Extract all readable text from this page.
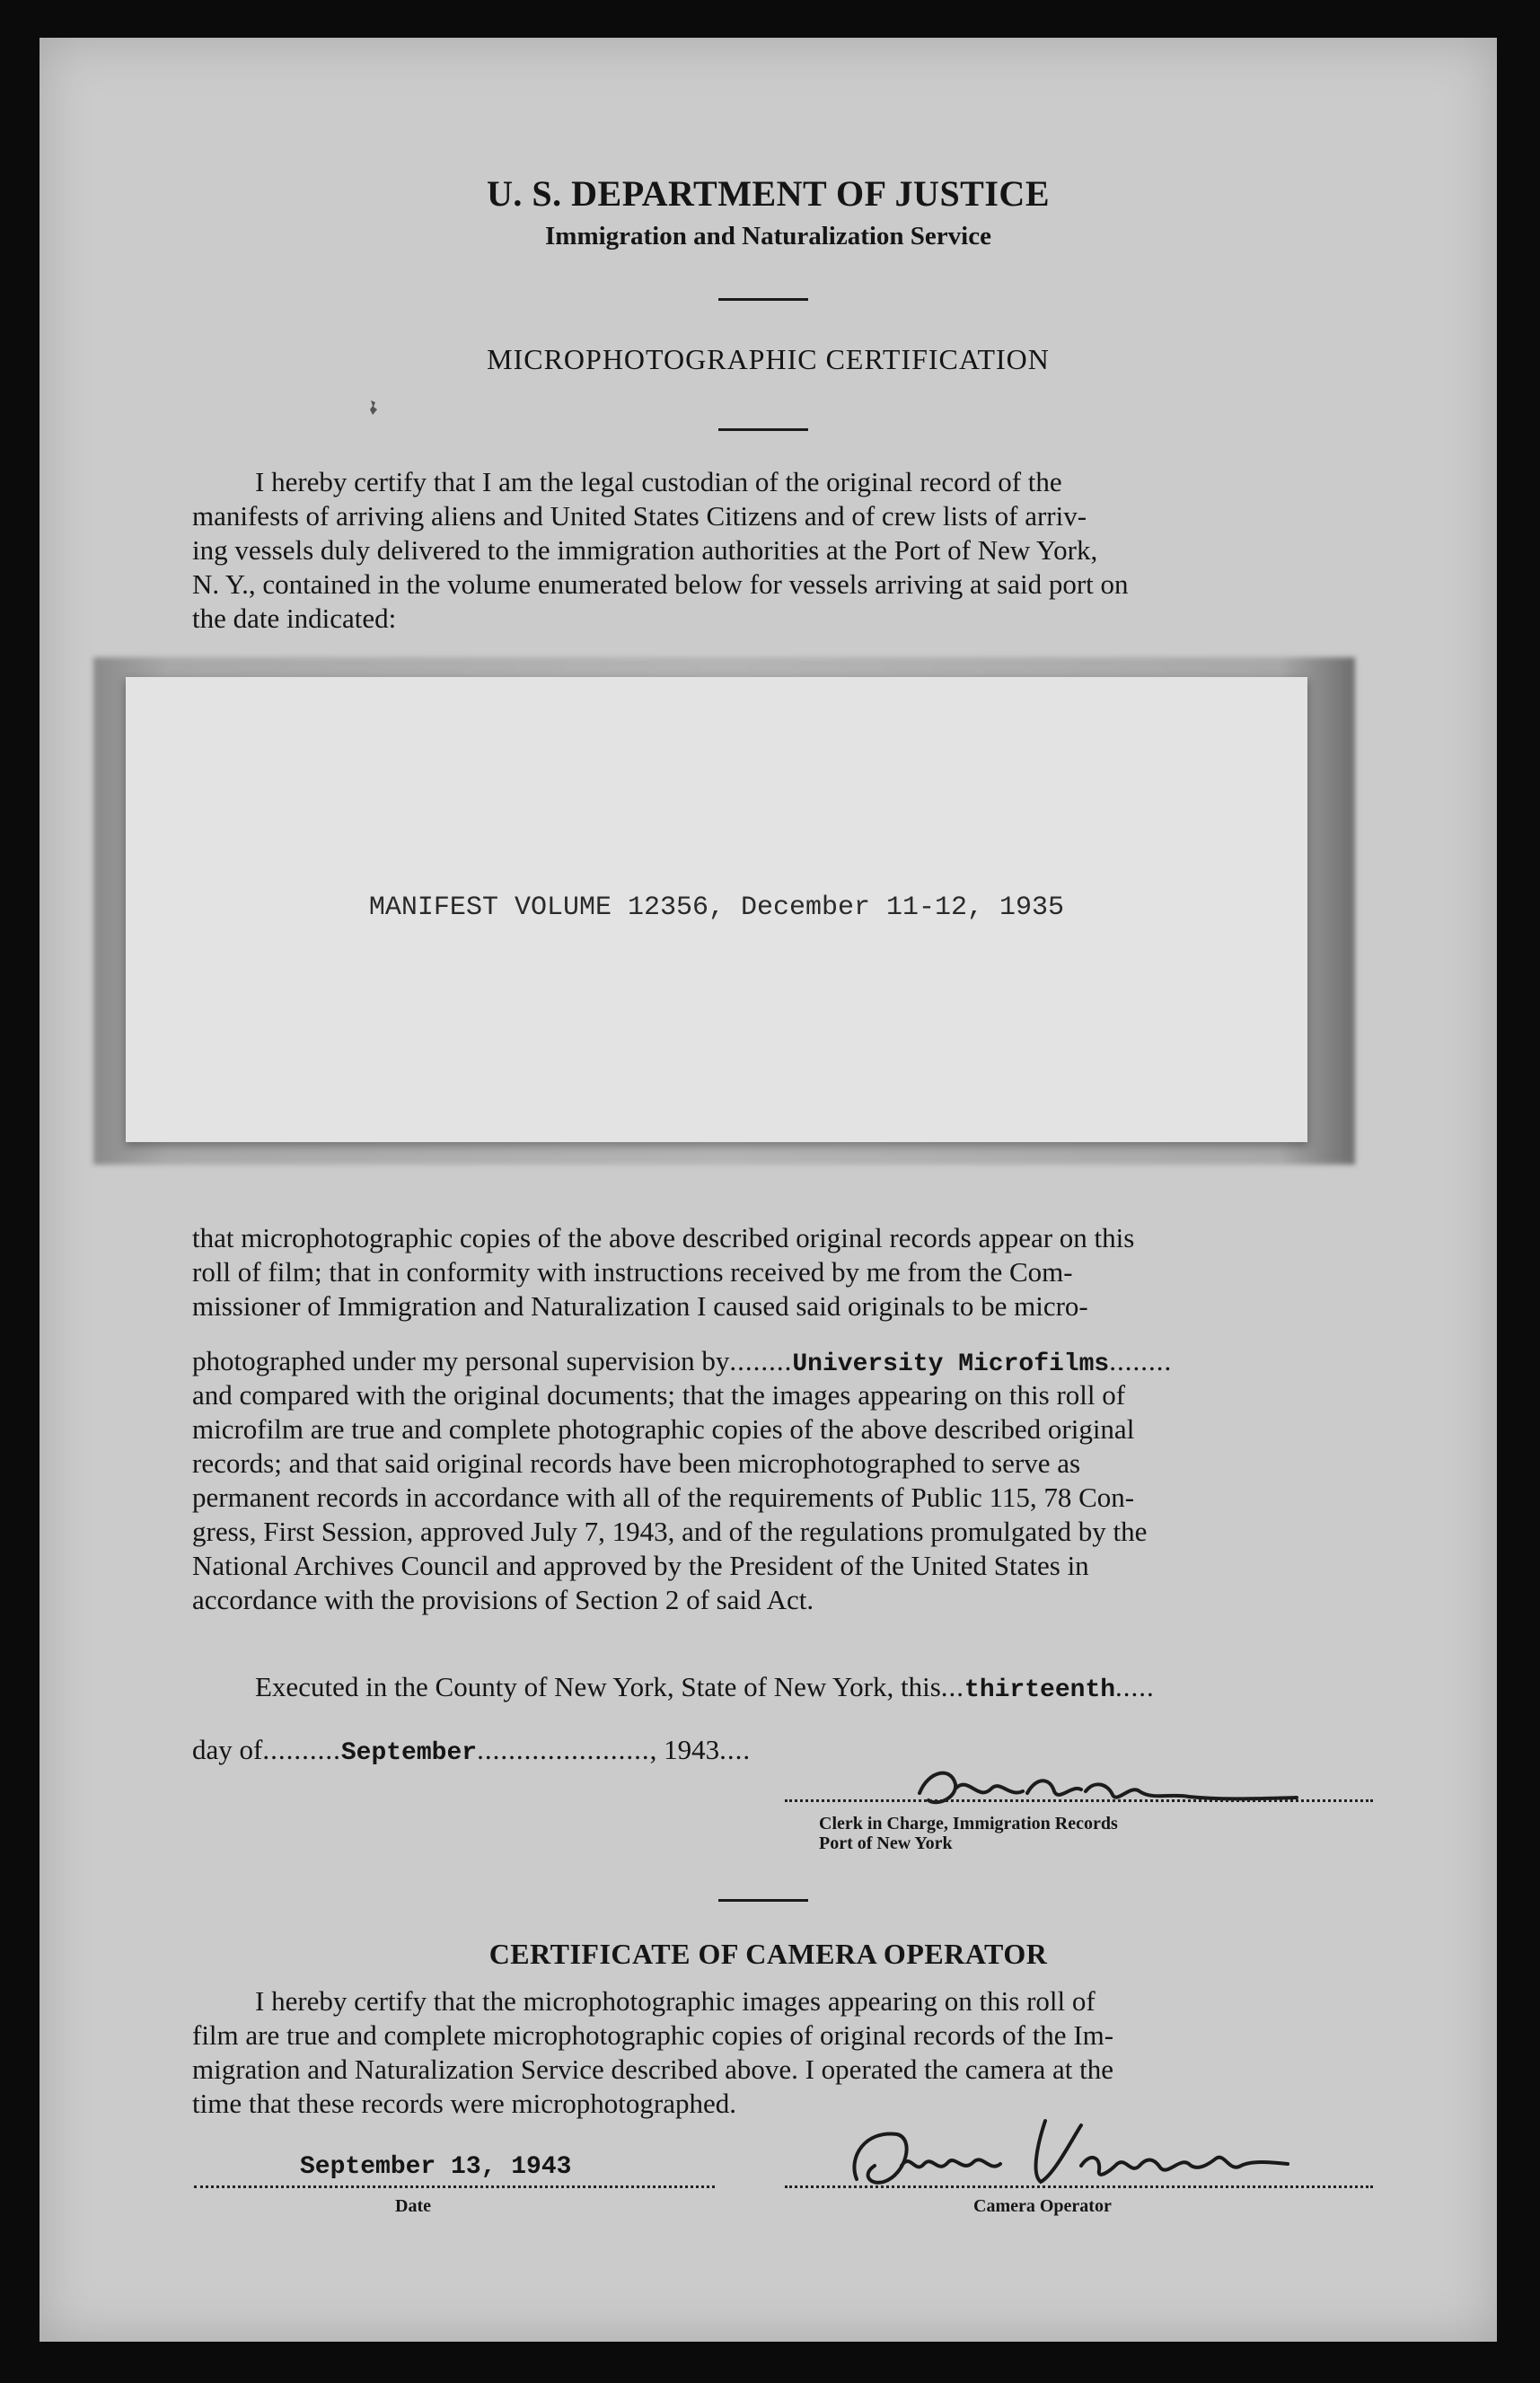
U. S. DEPARTMENT OF JUSTICE
Immigration and Naturalization Service
MICROPHOTOGRAPHIC CERTIFICATION
I hereby certify that I am the legal custodian of the original record of the
manifests of arriving aliens and United States Citizens and of crew lists of arriv-
ing vessels duly delivered to the immigration authorities at the Port of New York,
N. Y., contained in the volume enumerated below for vessels arriving at said port on
the date indicated:
MANIFEST VOLUME 12356, December 11-12, 1935
that microphotographic copies of the above described original records appear on this
roll of film; that in conformity with instructions received by me from the Com-
missioner of Immigration and Naturalization I caused said originals to be micro-
photographed under my personal supervision by........University Microfilms........
and compared with the original documents; that the images appearing on this roll of
microfilm are true and complete photographic copies of the above described original
records; and that said original records have been microphotographed to serve as
permanent records in accordance with all of the requirements of Public 115, 78 Con-
gress, First Session, approved July 7, 1943, and of the regulations promulgated by the
National Archives Council and approved by the President of the United States in
accordance with the provisions of Section 2 of said Act.
Executed in the County of New York, State of New York, this...thirteenth.....
day of..........September......................, 1943....
Clerk in Charge, Immigration Records
Port of New York
CERTIFICATE OF CAMERA OPERATOR
I hereby certify that the microphotographic images appearing on this roll of
film are true and complete microphotographic copies of original records of the Im-
migration and Naturalization Service described above. I operated the camera at the
time that these records were microphotographed.
September 13, 1943
Date	Camera Operator
